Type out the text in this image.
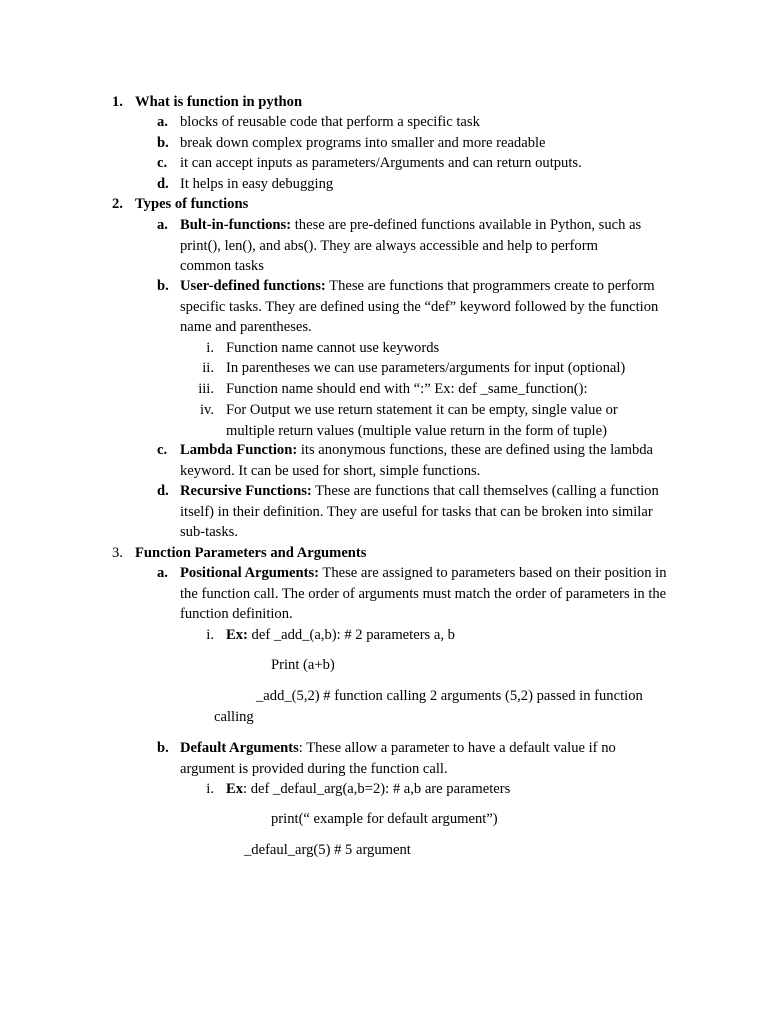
1. What is function in python
a. blocks of reusable code that perform a specific task
b. break down complex programs into smaller and more readable
c. it can accept inputs as parameters/Arguments and can return outputs.
d. It helps in easy debugging
2. Types of functions
a. Bult-in-functions: these are pre-defined functions available in Python, such as print(), len(), and abs(). They are always accessible and help to perform common tasks
b. User-defined functions: These are functions that programmers create to perform specific tasks. They are defined using the “def” keyword followed by the function name and parentheses.
i. Function name cannot use keywords
ii. In parentheses we can use parameters/arguments for input (optional)
iii. Function name should end with “:” Ex: def _same_function():
iv. For Output we use return statement it can be empty, single value or multiple return values (multiple value return in the form of tuple)
c. Lambda Function: its anonymous functions, these are defined using the lambda keyword. It can be used for short, simple functions.
d. Recursive Functions: These are functions that call themselves (calling a function itself) in their definition. They are useful for tasks that can be broken into similar sub-tasks.
3. Function Parameters and Arguments
a. Positional Arguments: These are assigned to parameters based on their position in the function call. The order of arguments must match the order of parameters in the function definition.
i. Ex: def _add_(a,b): # 2 parameters a, b
Print (a+b)
_add_(5,2) # function calling 2 arguments (5,2) passed in function
calling
b. Default Arguments: These allow a parameter to have a default value if no argument is provided during the function call.
i. Ex: def _defaul_arg(a,b=2): # a,b are parameters
print(“ example for default argument”)
_defaul_arg(5) # 5 argument
